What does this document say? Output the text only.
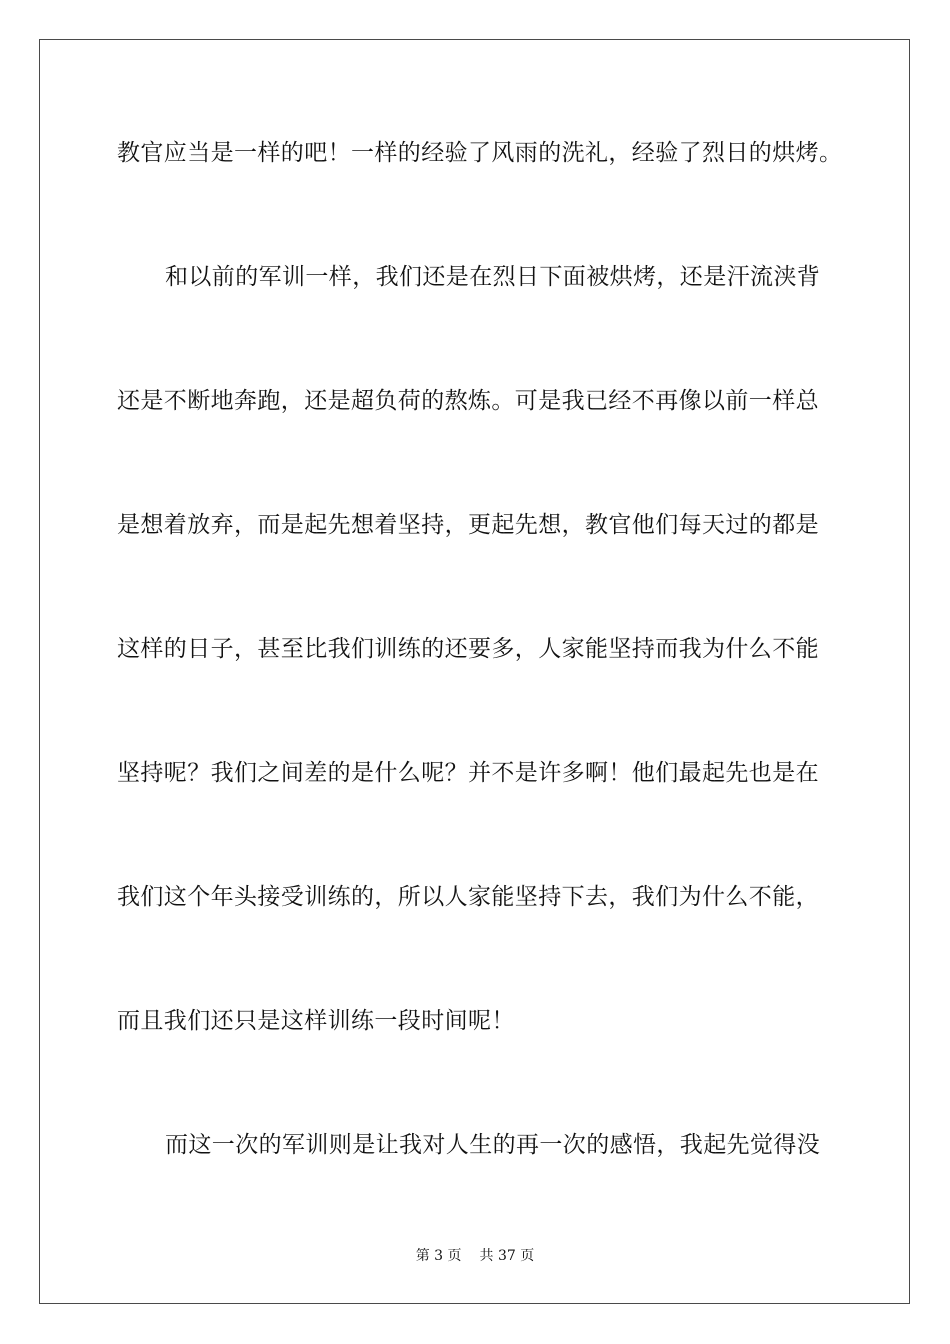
教官应当是一样的吧！一样的经验了风雨的洗礼，经验了烈日的烘烤。
和以前的军训一样，我们还是在烈日下面被烘烤，还是汗流浃背
还是不断地奔跑，还是超负荷的熬炼。可是我已经不再像以前一样总
是想着放弃，而是起先想着坚持，更起先想，教官他们每天过的都是
这样的日子，甚至比我们训练的还要多，人家能坚持而我为什么不能
坚持呢？我们之间差的是什么呢？并不是许多啊！他们最起先也是在
我们这个年头接受训练的，所以人家能坚持下去，我们为什么不能，
而且我们还只是这样训练一段时间呢！
而这一次的军训则是让我对人生的再一次的感悟，我起先觉得没
第 3 页 共 37 页
